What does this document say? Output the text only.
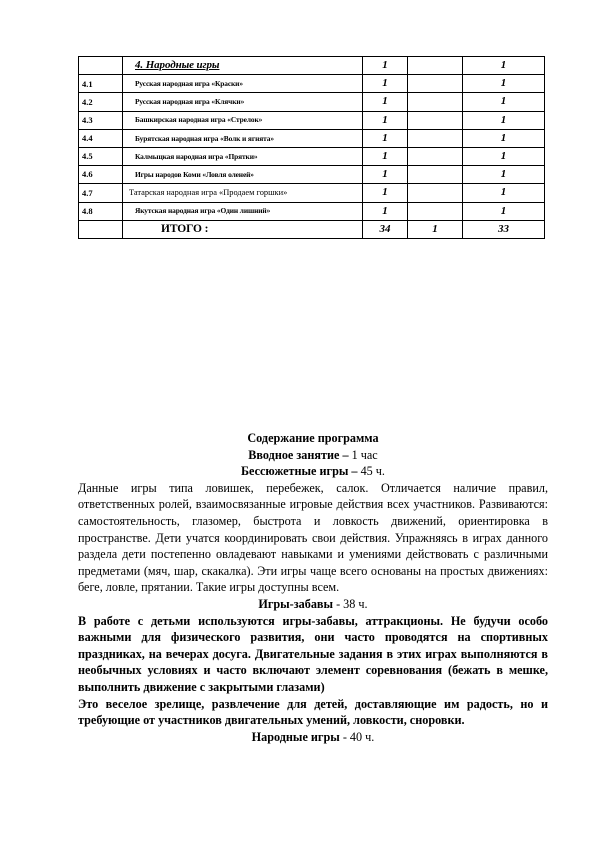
	4. Народные игры	1		1
4.1	Русская народная игра «Краски»	1		1
4.2	Русская народная игра «Клячки»	1		1
4.3	Башкирская народная игра «Стрелок»	1		1
4.4	Бурятская народная игра «Волк и ягнята»	1		1
4.5	Калмыцкая народная игра «Прятки»	1		1
4.6	Игры народов Коми «Ловля оленей»	1		1
4.7	Татарская народная игра «Продаем горшки»	1		1
4.8	Якутская народная игра «Один лишний»	1		1
	ИТОГО :	34	1	33
Содержание программа
Вводное занятие – 1 час
Бессюжетные игры – 45 ч.

Данные игры типа ловишек, перебежек, салок. Отличается наличие правил, ответственных ролей, взаимосвязанные игровые действия всех участников. Развиваются: самостоятельность, глазомер, быстрота и ловкость движений, ориентировка в пространстве. Дети учатся координировать свои действия. Упражняясь в играх данного раздела дети постепенно овладевают навыками и умениями действовать с различными предметами (мяч, шар, скакалка). Эти игры чаще всего основаны на простых движениях: беге, ловле, прятании. Такие игры доступны всем.

Игры-забавы - 38 ч.

В работе с детьми используются игры-забавы, аттракционы. Не будучи особо важными для физического развития, они часто проводятся на спортивных праздниках, на вечерах досуга. Двигательные задания в этих играх выполняются в необычных условиях и часто включают элемент соревнования (бежать в мешке, выполнить движение с закрытыми глазами)

Это веселое зрелище, развлечение для детей, доставляющие им радость, но и требующие от участников двигательных умений, ловкости, сноровки.

Народные игры - 40 ч.
